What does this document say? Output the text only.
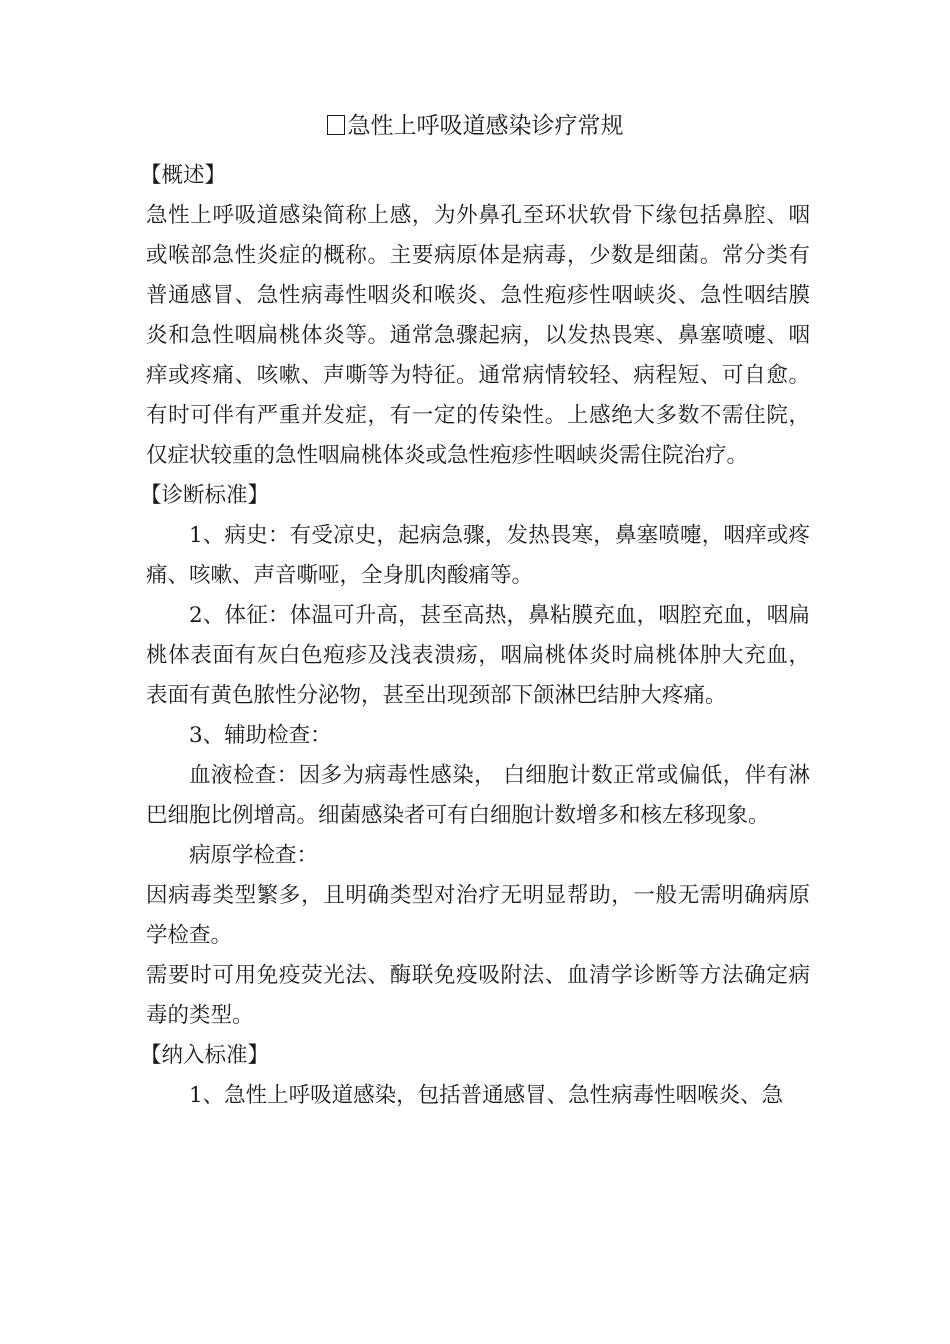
急性上呼吸道感染诊疗常规

【概述】

急性上呼吸道感染简称上感，为外鼻孔至环状软骨下缘包括鼻腔、咽或喉部急性炎症的概称。主要病原体是病毒，少数是细菌。常分类有普通感冒、急性病毒性咽炎和喉炎、急性疱疹性咽峡炎、急性咽结膜炎和急性咽扁桃体炎等。通常急骤起病，以发热畏寒、鼻塞喷嚏、咽痒或疼痛、咳嗽、声嘶等为特征。通常病情较轻、病程短、可自愈。有时可伴有严重并发症，有一定的传染性。上感绝大多数不需住院，仅症状较重的急性咽扁桃体炎或急性疱疹性咽峡炎需住院治疗。

【诊断标准】

1、病史：有受凉史，起病急骤，发热畏寒，鼻塞喷嚏，咽痒或疼痛、咳嗽、声音嘶哑，全身肌肉酸痛等。

2、体征：体温可升高，甚至高热，鼻粘膜充血，咽腔充血，咽扁桃体表面有灰白色疱疹及浅表溃疡，咽扁桃体炎时扁桃体肿大充血，表面有黄色脓性分泌物，甚至出现颈部下颌淋巴结肿大疼痛。

3、辅助检查：

血液检查：因多为病毒性感染， 白细胞计数正常或偏低，伴有淋巴细胞比例增高。细菌感染者可有白细胞计数增多和核左移现象。

病原学检查：

因病毒类型繁多，且明确类型对治疗无明显帮助，一般无需明确病原学检查。

需要时可用免疫荧光法、酶联免疫吸附法、血清学诊断等方法确定病毒的类型。

【纳入标准】

1、急性上呼吸道感染，包括普通感冒、急性病毒性咽喉炎、急
